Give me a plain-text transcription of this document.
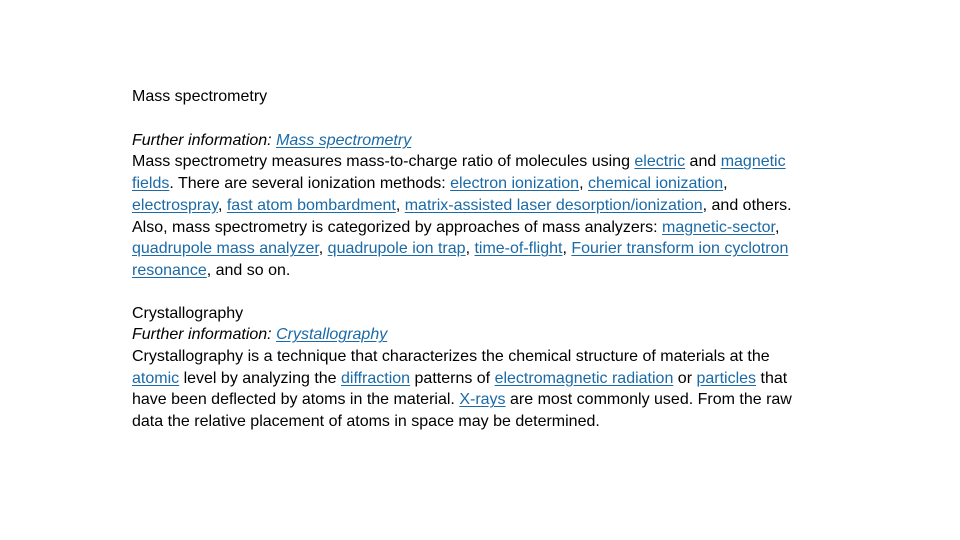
Mass spectrometry

Further information: Mass spectrometry

Mass spectrometry measures mass-to-charge ratio of molecules using electric and magnetic fields. There are several ionization methods: electron ionization, chemical ionization, electrospray, fast atom bombardment, matrix-assisted laser desorption/ionization, and others. Also, mass spectrometry is categorized by approaches of mass analyzers: magnetic-sector, quadrupole mass analyzer, quadrupole ion trap, time-of-flight, Fourier transform ion cyclotron resonance, and so on.

Crystallography

Further information: Crystallography

Crystallography is a technique that characterizes the chemical structure of materials at the atomic level by analyzing the diffraction patterns of electromagnetic radiation or particles that have been deflected by atoms in the material. X-rays are most commonly used. From the raw data the relative placement of atoms in space may be determined.
